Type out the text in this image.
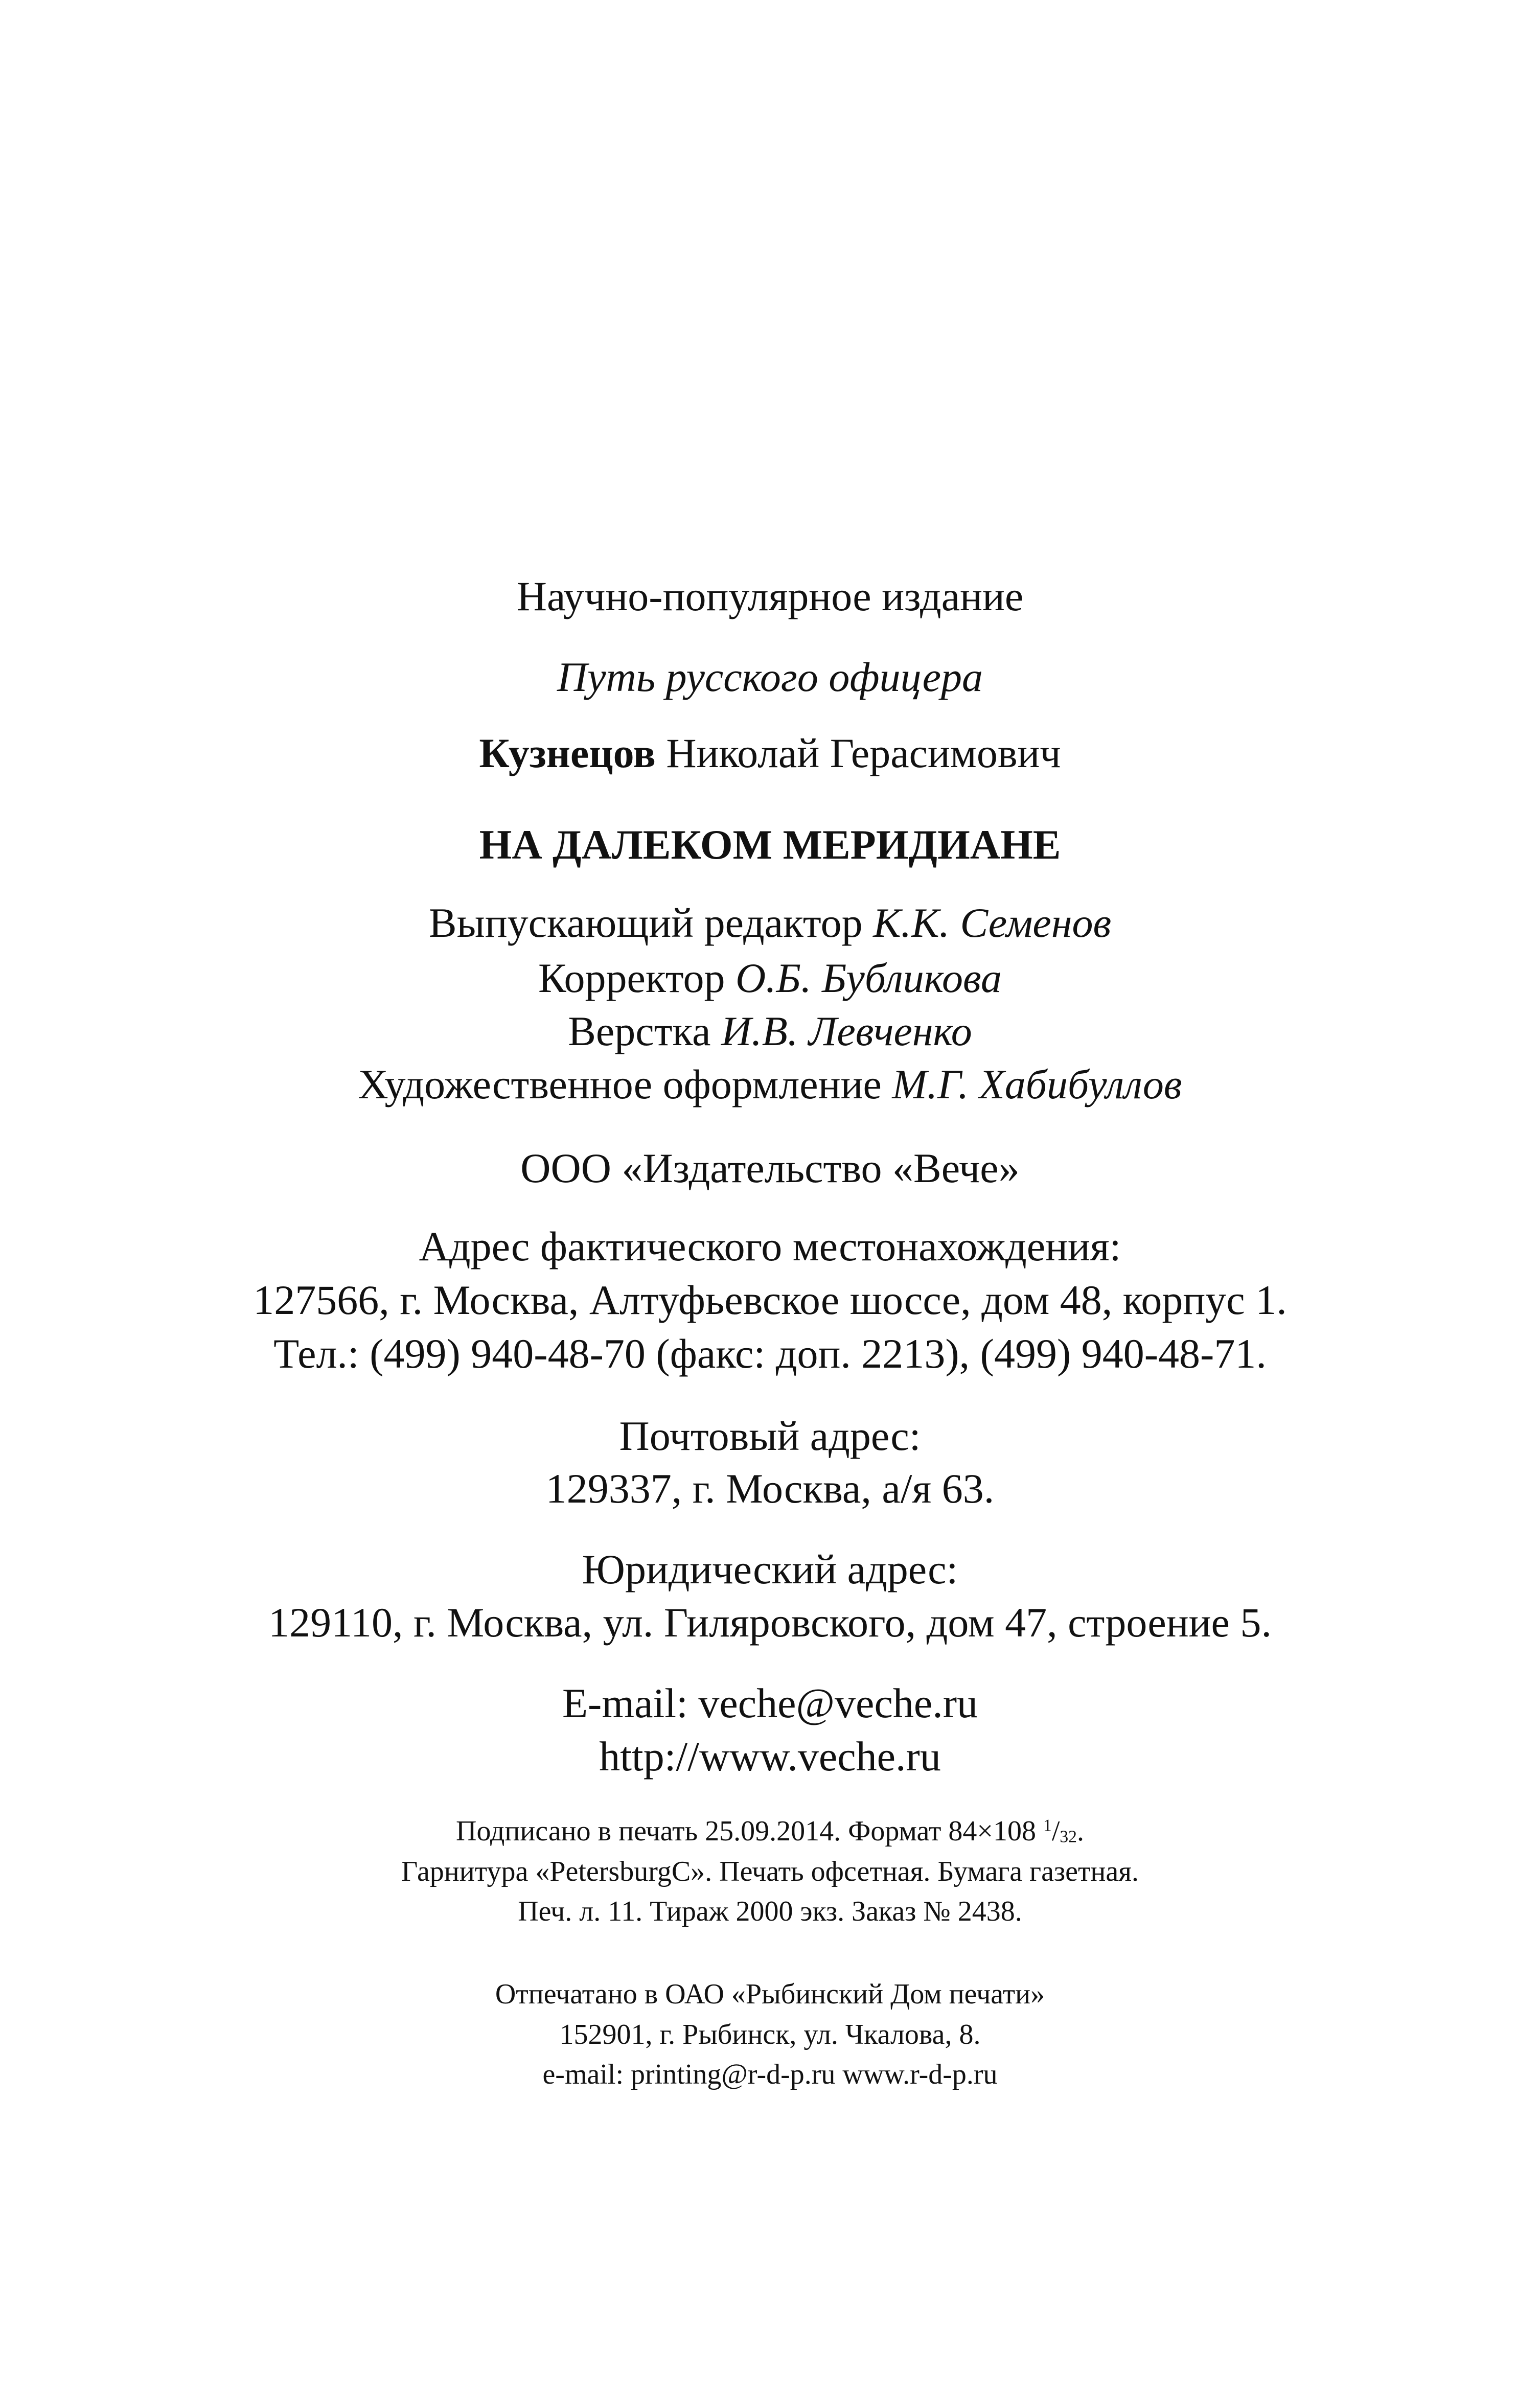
Научно-популярное издание
Путь русского офицера
Кузнецов Николай Герасимович
НА ДАЛЕКОМ МЕРИДИАНЕ
Выпускающий редактор К.К. Семенов
Корректор О.Б. Бубликова
Верстка И.В. Левченко
Художественное оформление М.Г. Хабибуллов
ООО «Издательство «Вече»
Адрес фактического местонахождения:
127566, г. Москва, Алтуфьевское шоссе, дом 48, корпус 1.
Тел.: (499) 940-48-70 (факс: доп. 2213), (499) 940-48-71.
Почтовый адрес:
129337, г. Москва, а/я 63.
Юридический адрес:
129110, г. Москва, ул. Гиляровского, дом 47, строение 5.
E-mail: veche@veche.ru
http://www.veche.ru
Подписано в печать 25.09.2014. Формат 84×108 $^1/_{32}$.
Гарнитура «PetersburgC». Печать офсетная. Бумага газетная.
Печ. л. 11. Тираж 2000 экз. Заказ № 2438.
Отпечатано в ОАО «Рыбинский Дом печати»
152901, г. Рыбинск, ул. Чкалова, 8.
e-mail: printing@r-d-p.ru www.r-d-p.ru
